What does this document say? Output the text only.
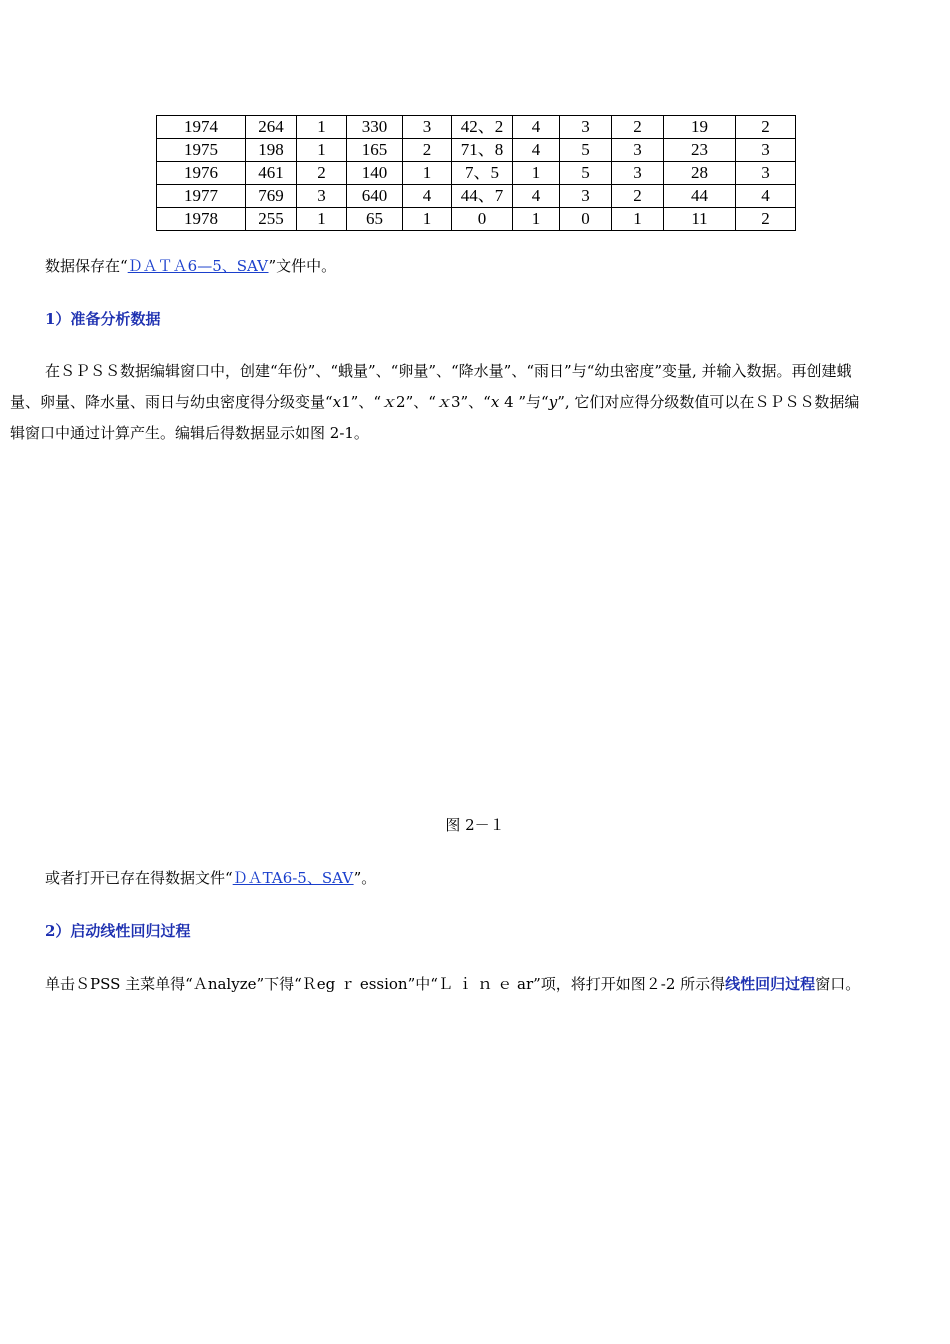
1974	264	1	330	3	42、2	4	3	2	19	2
1975	198	1	165	2	71、8	4	5	3	23	3
1976	461	2	140	1	7、5	1	5	3	28	3
1977	769	3	640	4	44、7	4	3	2	44	4
1978	255	1	65	1	0	1	0	1	11	2
数据保存在“ＤＡＴＡ6—5、SAV”文件中。
1）准备分析数据
在ＳＰＳＳ数据编辑窗口中，创建“年份”、“蛾量”、“卵量”、“降水量”、“雨日”与“幼虫密度”变量, 并输入数据。再创建蛾
量、卵量、降水量、雨日与幼虫密度得分级变量“x1”、“ｘ2”、“ｘ3”、“x 4 ”与“y”, 它们对应得分级数值可以在ＳＰＳＳ数据编
辑窗口中通过计算产生。编辑后得数据显示如图 2-1。
图 2－１
或者打开已存在得数据文件“ＤＡTA6-5、SAV”。
2）启动线性回归过程
单击ＳPSS 主菜单得“Ａnalyze”下得“Ｒeg ｒ ession”中“Ｌ ｉ ｎ ｅ ar”项，将打开如图２-2 所示得线性回归过程窗口。
